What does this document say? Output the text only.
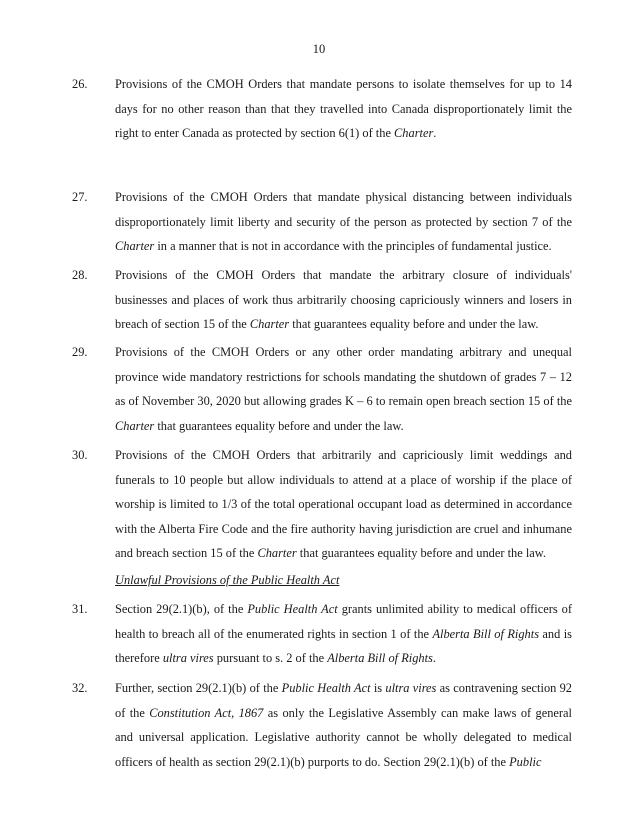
10
26.	Provisions of the CMOH Orders that mandate persons to isolate themselves for up to 14 days for no other reason than that they travelled into Canada disproportionately limit the right to enter Canada as protected by section 6(1) of the Charter.
27.	Provisions of the CMOH Orders that mandate physical distancing between individuals disproportionately limit liberty and security of the person as protected by section 7 of the Charter in a manner that is not in accordance with the principles of fundamental justice.
28.	Provisions of the CMOH Orders that mandate the arbitrary closure of individuals' businesses and places of work thus arbitrarily choosing capriciously winners and losers in breach of section 15 of the Charter that guarantees equality before and under the law.
29.	Provisions of the CMOH Orders or any other order mandating arbitrary and unequal province wide mandatory restrictions for schools mandating the shutdown of grades 7 – 12 as of November 30, 2020 but allowing grades K – 6 to remain open breach section 15 of the Charter that guarantees equality before and under the law.
30.	Provisions of the CMOH Orders that arbitrarily and capriciously limit weddings and funerals to 10 people but allow individuals to attend at a place of worship if the place of worship is limited to 1/3 of the total operational occupant load as determined in accordance with the Alberta Fire Code and the fire authority having jurisdiction are cruel and inhumane and breach section 15 of the Charter that guarantees equality before and under the law.
Unlawful Provisions of the Public Health Act
31.	Section 29(2.1)(b), of the Public Health Act grants unlimited ability to medical officers of health to breach all of the enumerated rights in section 1 of the Alberta Bill of Rights and is therefore ultra vires pursuant to s. 2 of the Alberta Bill of Rights.
32.	Further, section 29(2.1)(b) of the Public Health Act is ultra vires as contravening section 92 of the Constitution Act, 1867 as only the Legislative Assembly can make laws of general and universal application. Legislative authority cannot be wholly delegated to medical officers of health as section 29(2.1)(b) purports to do. Section 29(2.1)(b) of the Public
